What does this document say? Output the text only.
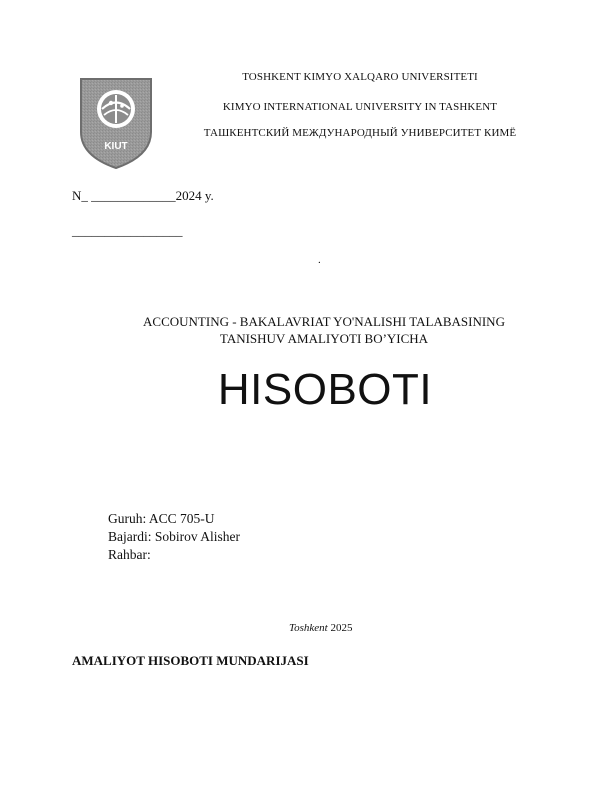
KIUT
TOSHKENT KIMYO XALQARO UNIVERSITETI
KIMYO INTERNATIONAL UNIVERSITY IN TASHKENT
ТАШКЕНТСКИЙ МЕЖДУНАРОДНЫЙ УНИВЕРСИТЕТ КИМЁ
N_ _____________2024 y.
_________________
.
ACCOUNTING - BAKALAVRIAT YO'NALISHI TALABASINING
TANISHUV AMALIYOTI BO’YICHA
HISOBOTI
Guruh: ACC 705-U
Bajardi: Sobirov Alisher
Rahbar:
Toshkent 2025
AMALIYOT HISOBOTI MUNDARIJASI
